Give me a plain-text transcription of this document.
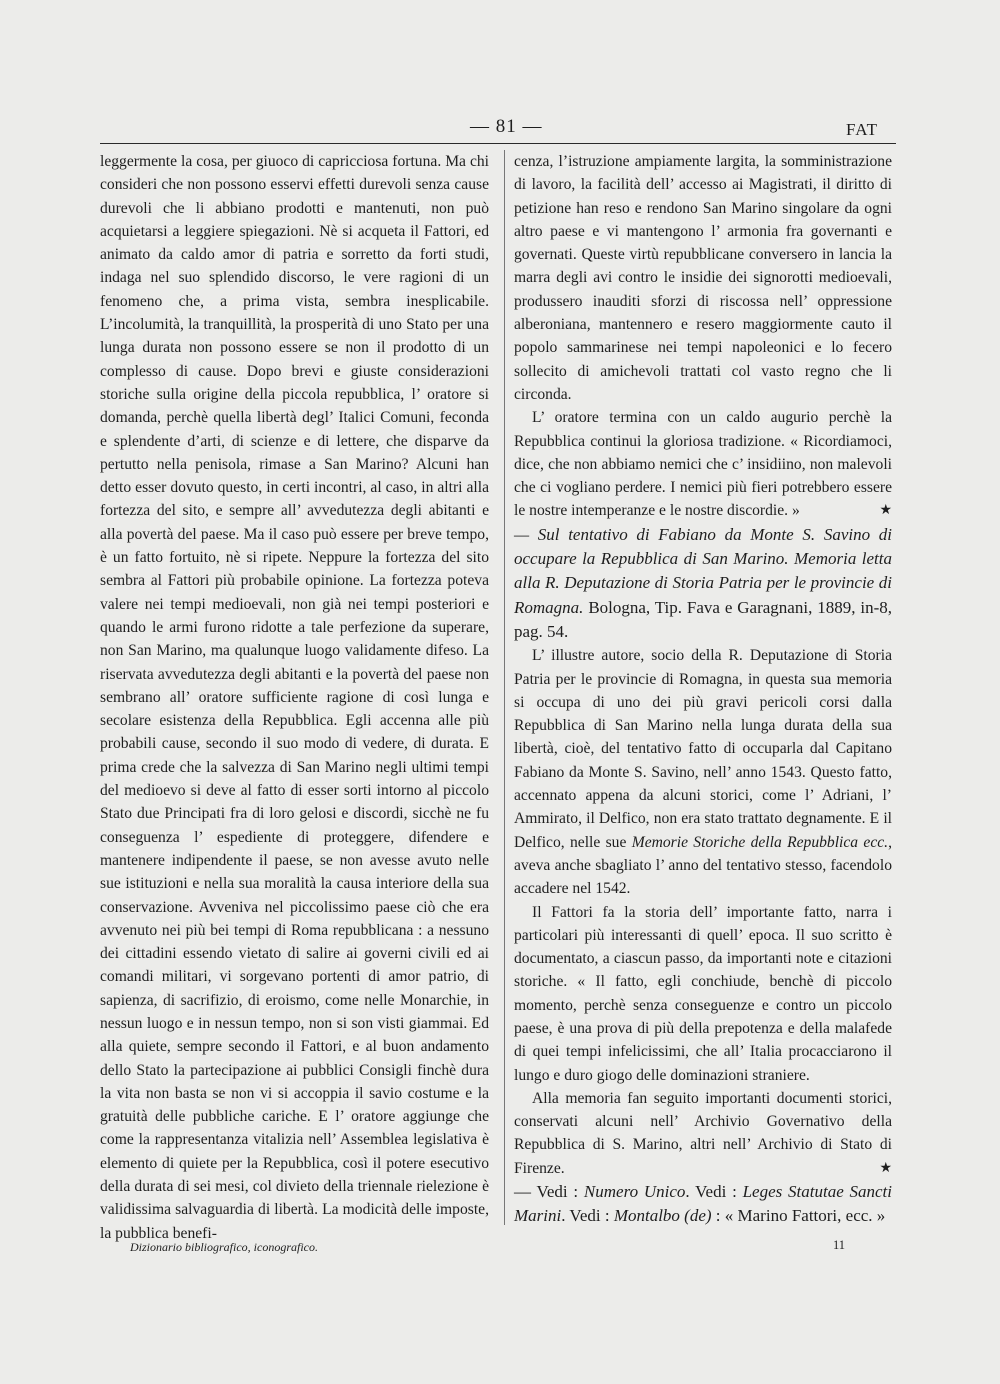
— 81 —	FAT

leggermente la cosa, per giuoco di capricciosa fortuna. Ma chi consideri che non possono esservi effetti durevoli senza cause durevoli che li abbiano prodotti e mantenuti, non può acquietarsi a leggiere spiegazioni. Nè si acqueta il Fattori, ed animato da caldo amor di patria e sorretto da forti studi, indaga nel suo splendido discorso, le vere ragioni di un fenomeno che, a prima vista, sembra inesplicabile. L’incolumità, la tranquillità, la prosperità di uno Stato per una lunga durata non possono essere se non il prodotto di un complesso di cause. Dopo brevi e giuste considerazioni storiche sulla origine della piccola repubblica, l’ oratore si domanda, perchè quella libertà degl’ Italici Comuni, feconda e splendente d’arti, di scienze e di lettere, che disparve da pertutto nella penisola, rimase a San Marino? Alcuni han detto esser dovuto questo, in certi incontri, al caso, in altri alla fortezza del sito, e sempre all’ avvedutezza degli abitanti e alla povertà del paese. Ma il caso può essere per breve tempo, è un fatto fortuito, nè si ripete. Neppure la fortezza del sito sembra al Fattori più probabile opinione. La fortezza poteva valere nei tempi medioevali, non già nei tempi posteriori e quando le armi furono ridotte a tale perfezione da superare, non San Marino, ma qualunque luogo validamente difeso. La riservata avvedutezza degli abitanti e la povertà del paese non sembrano all’ oratore sufficiente ragione di così lunga e secolare esistenza della Repubblica. Egli accenna alle più probabili cause, secondo il suo modo di vedere, di durata. E prima crede che la salvezza di San Marino negli ultimi tempi del medioevo si deve al fatto di esser sorti intorno al piccolo Stato due Principati fra di loro gelosi e discordi, sicchè ne fu conseguenza l’ espediente di proteggere, difendere e mantenere indipendente il paese, se non avesse avuto nelle sue istituzioni e nella sua moralità la causa interiore della sua conservazione. Avveniva nel piccolissimo paese ciò che era avvenuto nei più bei tempi di Roma repubblicana : a nessuno dei cittadini essendo vietato di salire ai governi civili ed ai comandi militari, vi sorgevano portenti di amor patrio, di sapienza, di sacrifizio, di eroismo, come nelle Monarchie, in nessun luogo e in nessun tempo, non si son visti giammai. Ed alla quiete, sempre secondo il Fattori, e al buon andamento dello Stato la partecipazione ai pubblici Consigli finchè dura la vita non basta se non vi si accoppia il savio costume e la gratuità delle pubbliche cariche. E l’ oratore aggiunge che come la rappresentanza vitalizia nell’ Assemblea legislativa è elemento di quiete per la Repubblica, così il potere esecutivo della durata di sei mesi, col divieto della triennale rielezione è validissima salvaguardia di libertà. La modicità delle imposte, la pubblica benefi-

cenza, l’istruzione ampiamente largita, la somministrazione di lavoro, la facilità dell’ accesso ai Magistrati, il diritto di petizione han reso e rendono San Marino singolare da ogni altro paese e vi mantengono l’ armonia fra governanti e governati. Queste virtù repubblicane conversero in lancia la marra degli avi contro le insidie dei signorotti medioevali, produssero inauditi sforzi di riscossa nell’ oppressione alberoniana, mantennero e resero maggiormente cauto il popolo sammarinese nei tempi napoleonici e lo fecero sollecito di amichevoli trattati col vasto regno che li circonda.

L’ oratore termina con un caldo augurio perchè la Repubblica continui la gloriosa tradizione. « Ricordiamoci, dice, che non abbiamo nemici che c’ insidiino, non malevoli che ci vogliano perdere. I nemici più fieri potrebbero essere le nostre intemperanze e le nostre discordie. »	★

— Sul tentativo di Fabiano da Monte S. Savino di occupare la Repubblica di San Marino. Memoria letta alla R. Deputazione di Storia Patria per le provincie di Romagna. Bologna, Tip. Fava e Garagnani, 1889, in-8, pag. 54.

L’ illustre autore, socio della R. Deputazione di Storia Patria per le provincie di Romagna, in questa sua memoria si occupa di uno dei più gravi pericoli corsi dalla Repubblica di San Marino nella lunga durata della sua libertà, cioè, del tentativo fatto di occuparla dal Capitano Fabiano da Monte S. Savino, nell’ anno 1543. Questo fatto, accennato appena da alcuni storici, come l’ Adriani, l’ Ammirato, il Delfico, non era stato trattato degnamente. E il Delfico, nelle sue Memorie Storiche della Repubblica ecc., aveva anche sbagliato l’ anno del tentativo stesso, facendolo accadere nel 1542.

Il Fattori fa la storia dell’ importante fatto, narra i particolari più interessanti di quell’ epoca. Il suo scritto è documentato, a ciascun passo, da importanti note e citazioni storiche. « Il fatto, egli conchiude, benchè di piccolo momento, perchè senza conseguenze e contro un piccolo paese, è una prova di più della prepotenza e della malafede di quei tempi infelicissimi, che all’ Italia procacciarono il lungo e duro giogo delle dominazioni straniere.

Alla memoria fan seguito importanti documenti storici, conservati alcuni nell’ Archivio Governativo della Repubblica di S. Marino, altri nell’ Archivio di Stato di Firenze.	★

— Vedi : Numero Unico. Vedi : Leges Statutae Sancti Marini. Vedi : Montalbo (de) : « Marino Fattori, ecc. »

Dizionario bibliografico, iconografico.	11
